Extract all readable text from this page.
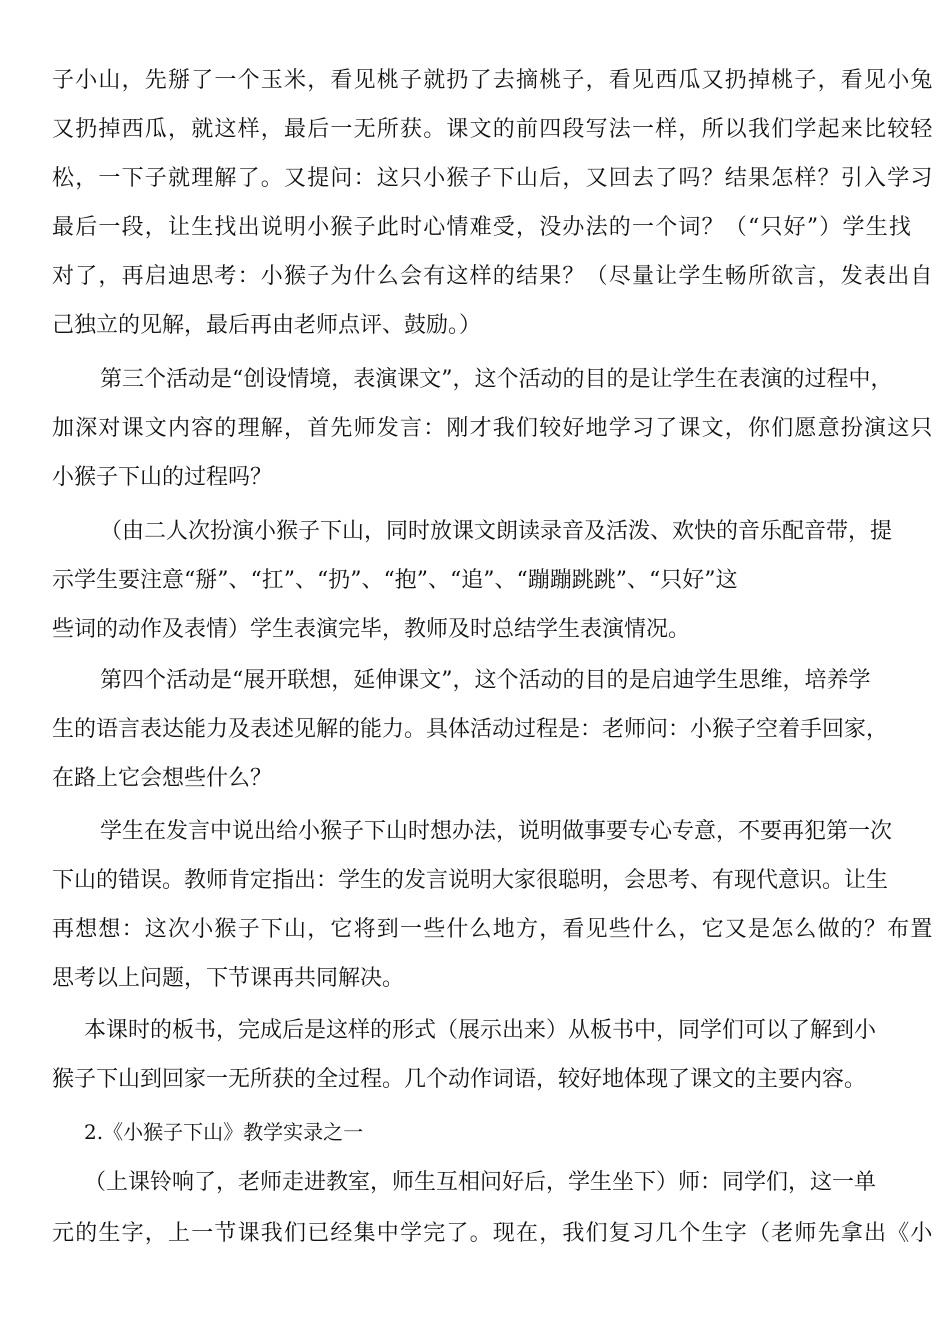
子小山，先掰了一个玉米，看见桃子就扔了去摘桃子，看见西瓜又扔掉桃子，看见小兔
又扔掉西瓜，就这样，最后一无所获。课文的前四段写法一样，所以我们学起来比较轻
松，一下子就理解了。又提问：这只小猴子下山后，又回去了吗？结果怎样？引入学习
最后一段，让生找出说明小猴子此时心情难受，没办法的一个词？（“只好”）学生找
对了，再启迪思考：小猴子为什么会有这样的结果？（尽量让学生畅所欲言，发表出自
己独立的见解，最后再由老师点评、鼓励。）
第三个活动是“创设情境，表演课文”，这个活动的目的是让学生在表演的过程中，
加深对课文内容的理解，首先师发言：刚才我们较好地学习了课文，你们愿意扮演这只
小猴子下山的过程吗？
（由二人次扮演小猴子下山，同时放课文朗读录音及活泼、欢快的音乐配音带，提
示学生要注意“掰”、“扛”、“扔”、“抱”、“追”、“蹦蹦跳跳”、“只好”这
些词的动作及表情）学生表演完毕，教师及时总结学生表演情况。
第四个活动是“展开联想，延伸课文”，这个活动的目的是启迪学生思维，培养学
生的语言表达能力及表述见解的能力。具体活动过程是：老师问：小猴子空着手回家，
在路上它会想些什么？
学生在发言中说出给小猴子下山时想办法，说明做事要专心专意，不要再犯第一次
下山的错误。教师肯定指出：学生的发言说明大家很聪明，会思考、有现代意识。让生
再想想：这次小猴子下山，它将到一些什么地方，看见些什么，它又是怎么做的？布置
思考以上问题，下节课再共同解决。
本课时的板书，完成后是这样的形式（展示出来）从板书中，同学们可以了解到小
猴子下山到回家一无所获的全过程。几个动作词语，较好地体现了课文的主要内容。
2.《小猴子下山》教学实录之一
（上课铃响了，老师走进教室，师生互相问好后，学生坐下）师：同学们，这一单
元的生字，上一节课我们已经集中学完了。现在，我们复习几个生字（老师先拿出《小
